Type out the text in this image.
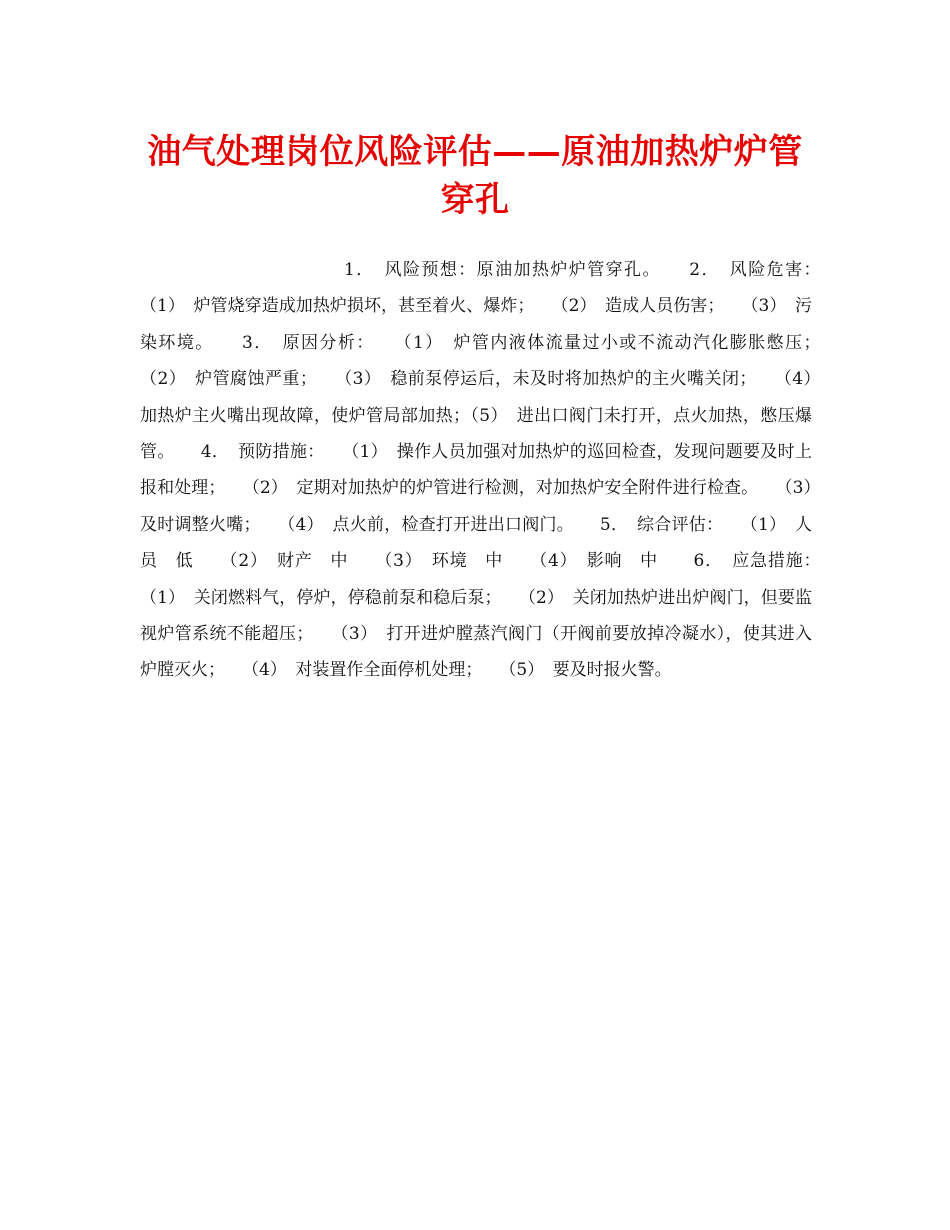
油气处理岗位风险评估——原油加热炉炉管
穿孔

1．　风险预想：原油加热炉炉管穿孔。　　2．　风险危害：　　（1）　炉管烧穿造成加热炉损坏，甚至着火、爆炸；　　（2）　造成人员伤害；　　（3）　污染环境。　　3．　原因分析：　　（1）　炉管内液体流量过小或不流动汽化膨胀憋压；　　（2）　炉管腐蚀严重；　　（3）　稳前泵停运后，未及时将加热炉的主火嘴关闭；　　（4）　加热炉主火嘴出现故障，使炉管局部加热；（5）　进出口阀门未打开，点火加热，憋压爆管。　　4．　预防措施：　　（1）　操作人员加强对加热炉的巡回检查，发现问题要及时上报和处理；　　（2）　定期对加热炉的炉管进行检测，对加热炉安全附件进行检查。　　（3）　及时调整火嘴；　　（4）　点火前，检查打开进出口阀门。　　5．　综合评估：　　（1）　人员　低　　（2）　财产　中　　（3）　环境　中　　（4）　影响　中　　6．　应急措施：　（1）　关闭燃料气，停炉，停稳前泵和稳后泵；　　（2）　关闭加热炉进出炉阀门，但要监视炉管系统不能超压；　　（3）　打开进炉膛蒸汽阀门（开阀前要放掉冷凝水），使其进入炉膛灭火；　　（4）　对装置作全面停机处理；　　（5）　要及时报火警。
